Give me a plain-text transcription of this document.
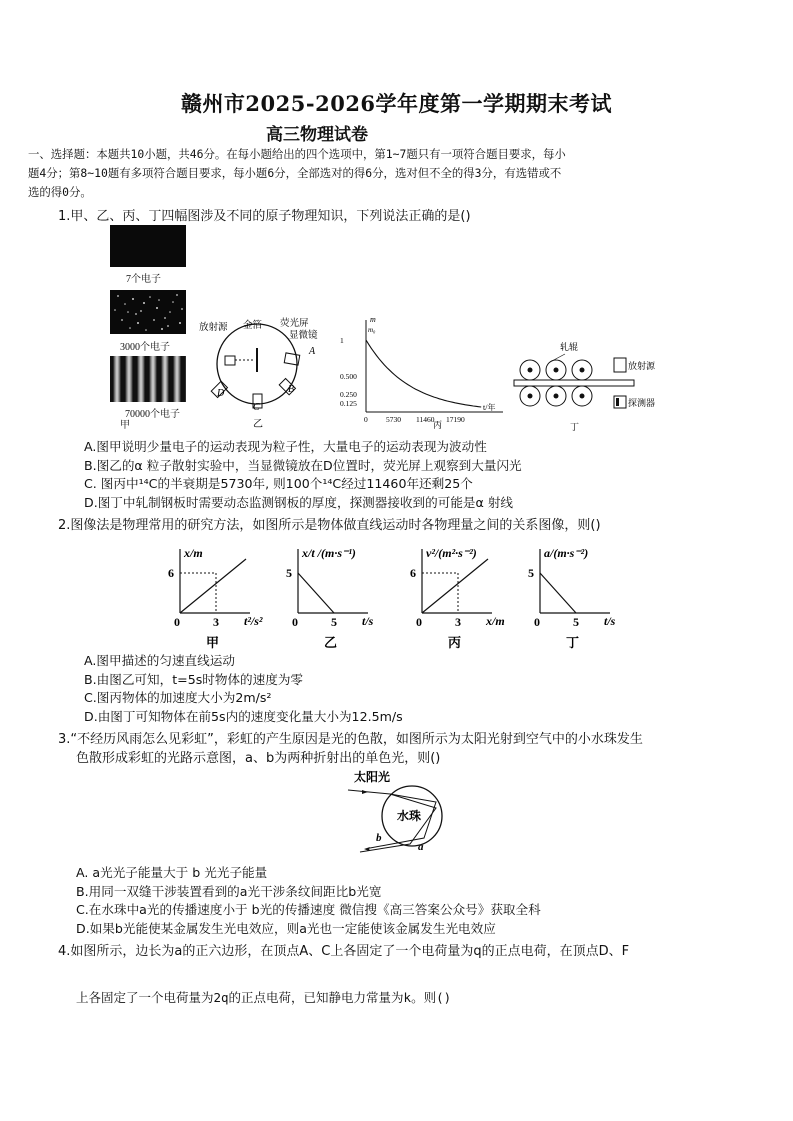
赣州市2025-2026学年度第一学期期末考试
高三物理试卷
一、选择题：本题共10小题，共46分。在每小题给出的四个选项中，第1~7题只有一项符合题目要求，每小
题4分；第8~10题有多项符合题目要求，每小题6分，全部选对的得6分，选对但不全的得3分，有选错或不
选的得0分。
1.甲、乙、丙、丁四幅图涉及不同的原子物理知识，下列说法正确的是()
7个电子
3000个电子
70000个电子
甲
放射源 金箔 荧光屏
显微镜
A
B
C
D
乙
m
m₀
t/年
1
0.500
0.250
0.125
0 5730 11460 17190
丙
轧辊
放射源
探测器
丁
A.图甲说明少量电子的运动表现为粒子性，大量电子的运动表现为波动性
B.图乙的α 粒子散射实验中，当显微镜放在D位置时，荧光屏上观察到大量闪光
C. 图丙中¹⁴C的半衰期是5730年, 则100个¹⁴C经过11460年还剩25个
D.图丁中轧制钢板时需要动态监测钢板的厚度，探测器接收到的可能是α 射线
2.图像法是物理常用的研究方法，如图所示是物体做直线运动时各物理量之间的关系图像，则()
x/m
t²/s²
0
6
3
甲
x/t /(m·s⁻¹)
t/s
0
5
5
乙
v²/(m²·s⁻²)
x/m
0
6
3
丙
a/(m·s⁻²)
t/s
0
5
5
丁
A.图甲描述的匀速直线运动
B.由图乙可知，t=5s时物体的速度为零
C.图丙物体的加速度大小为2m/s²
D.由图丁可知物体在前5s内的速度变化量大小为12.5m/s
3.“不经历风雨怎么见彩虹”，彩虹的产生原因是光的色散，如图所示为太阳光射到空气中的小水珠发生
色散形成彩虹的光路示意图，a、b为两种折射出的单色光，则()
太阳光
水珠
b
a
A. a光光子能量大于 b 光光子能量
B.用同一双缝干涉装置看到的a光干涉条纹间距比b光宽
C.在水珠中a光的传播速度小于 b光的传播速度 微信搜《高三答案公众号》获取全科
D.如果b光能使某金属发生光电效应，则a光也一定能使该金属发生光电效应
4.如图所示，边长为a的正六边形，在顶点A、C上各固定了一个电荷量为q的正点电荷，在顶点D、F
上各固定了一个电荷量为2q的正点电荷，已知静电力常量为k。则()
